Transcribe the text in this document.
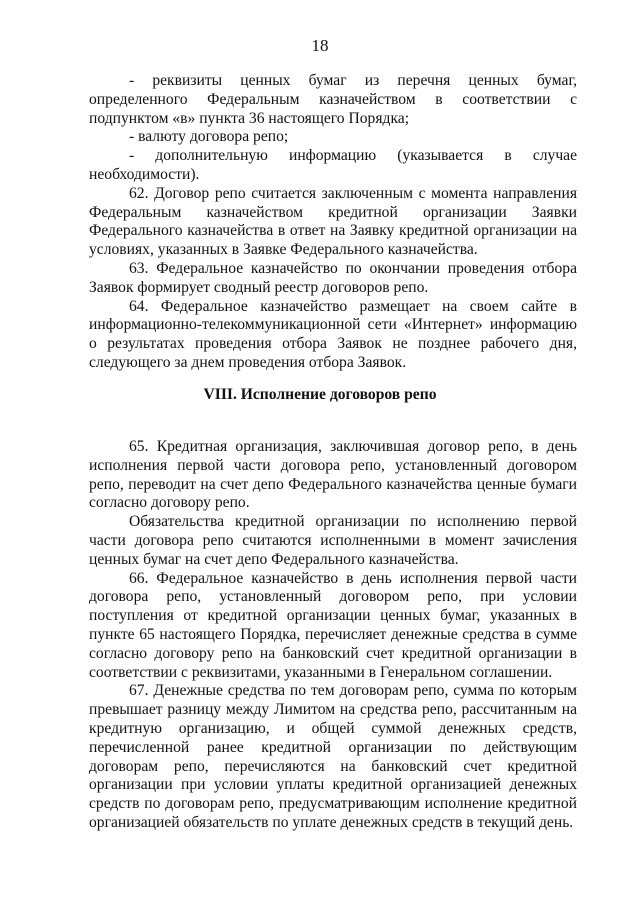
18

- реквизиты ценных бумаг из перечня ценных бумаг, определенного Федеральным казначейством в соответствии с подпунктом «в» пункта 36 настоящего Порядка;

- валюту договора репо;

- дополнительную информацию (указывается в случае необходимости).

62. Договор репо считается заключенным с момента направления Федеральным казначейством кредитной организации Заявки Федерального казначейства в ответ на Заявку кредитной организации на условиях, указанных в Заявке Федерального казначейства.

63. Федеральное казначейство по окончании проведения отбора Заявок формирует сводный реестр договоров репо.

64. Федеральное казначейство размещает на своем сайте в информационно-телекоммуникационной сети «Интернет» информацию о результатах проведения отбора Заявок не позднее рабочего дня, следующего за днем проведения отбора Заявок.

VIII. Исполнение договоров репо

65. Кредитная организация, заключившая договор репо, в день исполнения первой части договора репо, установленный договором репо, переводит на счет депо Федерального казначейства ценные бумаги согласно договору репо.

Обязательства кредитной организации по исполнению первой части договора репо считаются исполненными в момент зачисления ценных бумаг на счет депо Федерального казначейства.

66. Федеральное казначейство в день исполнения первой части договора репо, установленный договором репо, при условии поступления от кредитной организации ценных бумаг, указанных в пункте 65 настоящего Порядка, перечисляет денежные средства в сумме согласно договору репо на банковский счет кредитной организации в соответствии с реквизитами, указанными в Генеральном соглашении.

67. Денежные средства по тем договорам репо, сумма по которым превышает разницу между Лимитом на средства репо, рассчитанным на кредитную организацию, и общей суммой денежных средств, перечисленной ранее кредитной организации по действующим договорам репо, перечисляются на банковский счет кредитной организации при условии уплаты кредитной организацией денежных средств по договорам репо, предусматривающим исполнение кредитной организацией обязательств по уплате денежных средств в текущий день.
